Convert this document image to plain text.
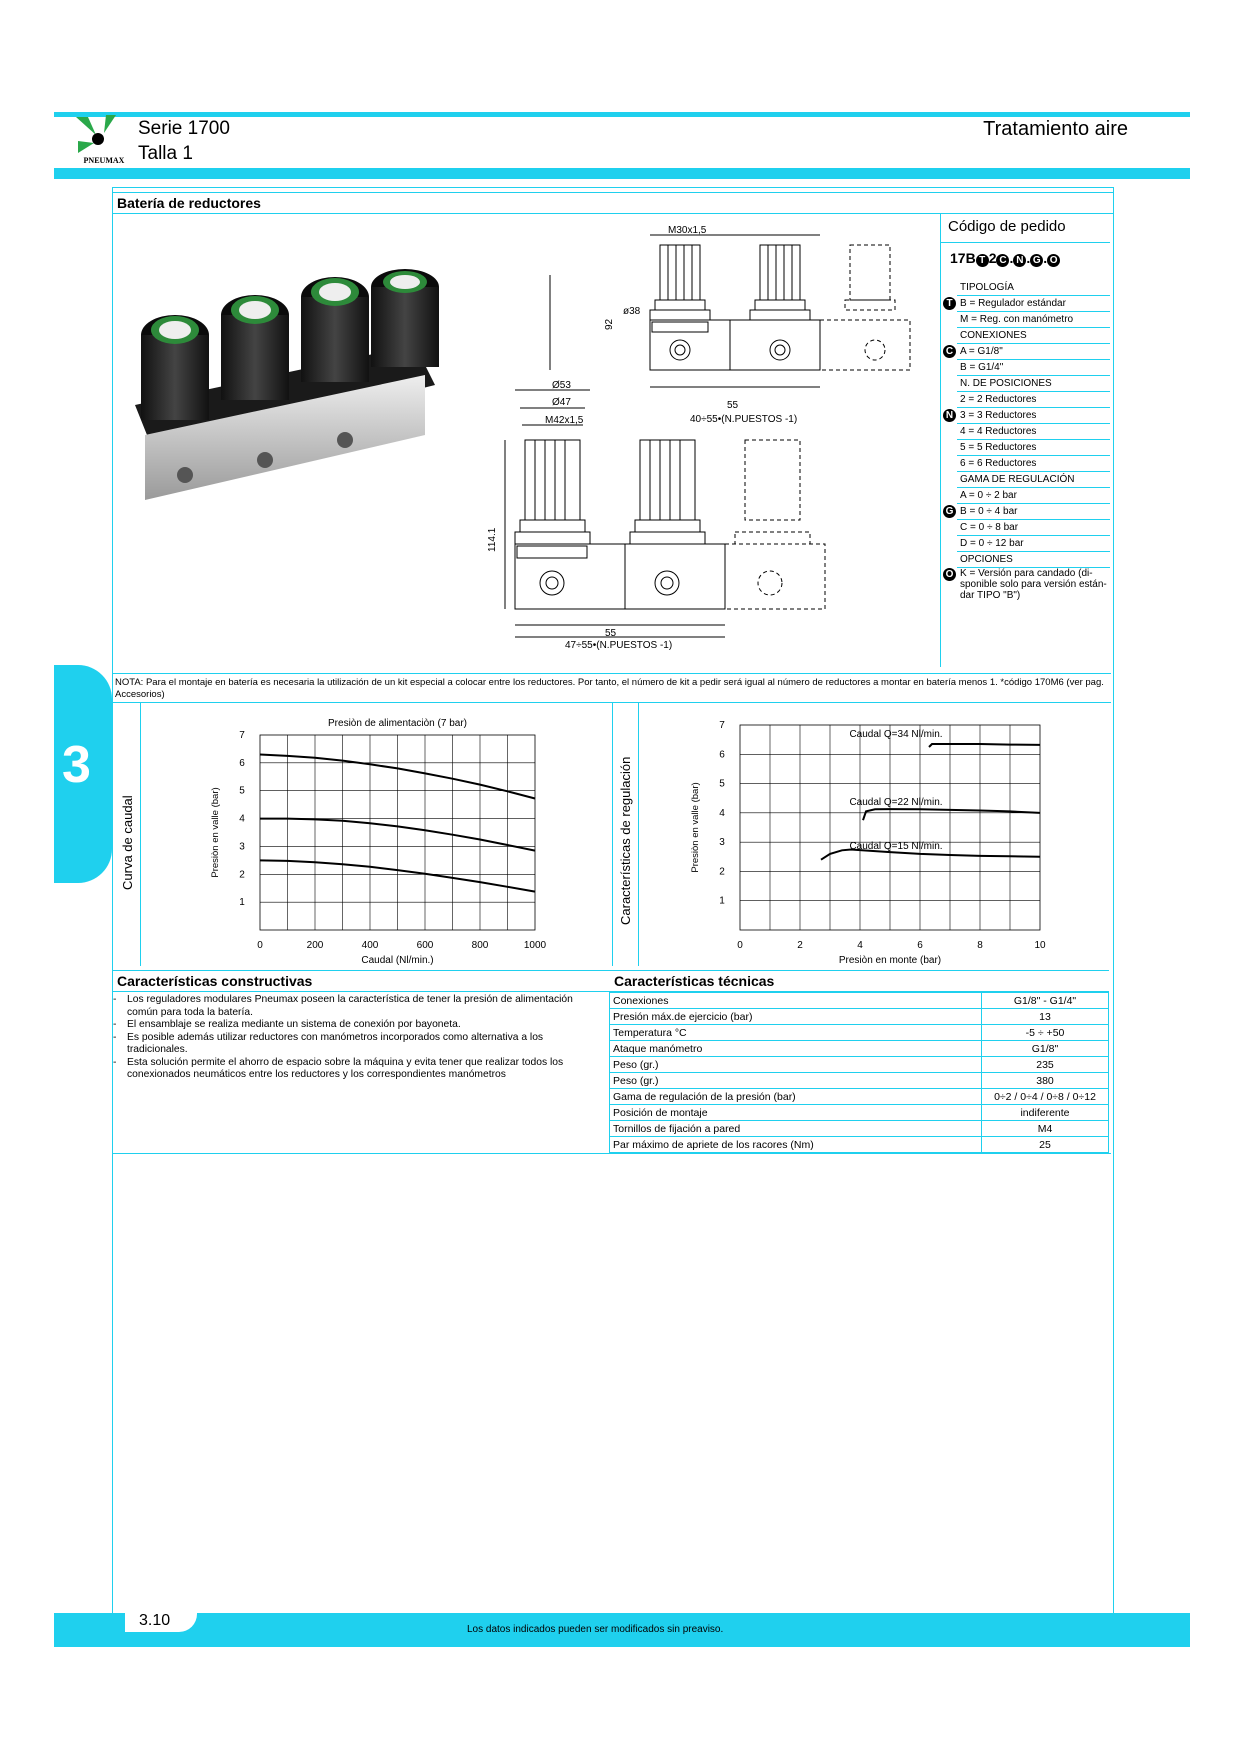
PNEUMAX
Serie 1700
Talla 1
Tratamiento aire
3
Batería de reductores
M30x1,5
ø38
92
55
40÷55•(N.PUESTOS -1)
Ø53
Ø47
M42x1,5
114.1
55
47÷55•(N.PUESTOS -1)
Código de pedido
17B T 2 C . N . G . O
	TIPOLOGÍA
T	B = Regulador estándar
	M = Reg. con manómetro
	CONEXIONES
C	A = G1/8"
	B = G1/4"
	N. DE POSICIONES
	2 = 2 Reductores
N	3 = 3 Reductores
	4 = 4 Reductores
	5 = 5 Reductores
	6 = 6 Reductores
	GAMA DE REGULACIÓN
	A = 0 ÷ 2 bar
G	B = 0 ÷ 4 bar
	C = 0 ÷ 8 bar
	D = 0 ÷ 12 bar
	OPCIONES
O	K = Versión para candado (di-sponible solo para versión están-dar TIPO "B")
NOTA: Para el montaje en batería es necesaria la utilización de un kit especial a colocar entre los reductores. Por tanto, el número de kit a pedir será igual al número de reductores a montar en batería menos 1. *código 170M6 (ver pag. Accesorios)
Curva de caudal	Características de regulación
1
2
3
4
5
6
7
0	200	400	600	800	1000
Caudal (Nl/min.)
Presiòn en valle (bar)
Presiòn de alimentaciòn (7 bar)
1
2
3
4
5
6
7
0	2	4	6	8	10
Presiòn en monte (bar)
Presiòn en valle (bar)
Caudal Q=34 Nl/min.
Caudal Q=22 Nl/min.
Caudal Q=15 Nl/min.
Características constructivas	Características técnicas
-	Los reguladores modulares Pneumax poseen la característica de tener la presión de alimentación común para toda la batería.
-	El ensamblaje se realiza mediante un sistema de conexión por bayoneta.
-	Es posible además utilizar reductores con manómetros incorporados como alternativa a los tradicionales.
-	Esta solución permite el ahorro de espacio sobre la máquina y evita tener que realizar todos los conexionados neumáticos entre los reductores y los correspondientes manómetros
Conexiones	G1/8" - G1/4"
Presión máx.de ejercicio (bar)	13
Temperatura °C	-5 ÷ +50
Ataque manómetro	G1/8"
Peso (gr.)	235
Peso (gr.)	380
Gama de regulación de la presión (bar)	0÷2 / 0÷4 / 0÷8 / 0÷12
Posición de montaje	indiferente
Tornillos de fijación a pared	M4
Par máximo de apriete de los racores (Nm)	25
3.10
Los datos indicados pueden ser modificados sin preaviso.
